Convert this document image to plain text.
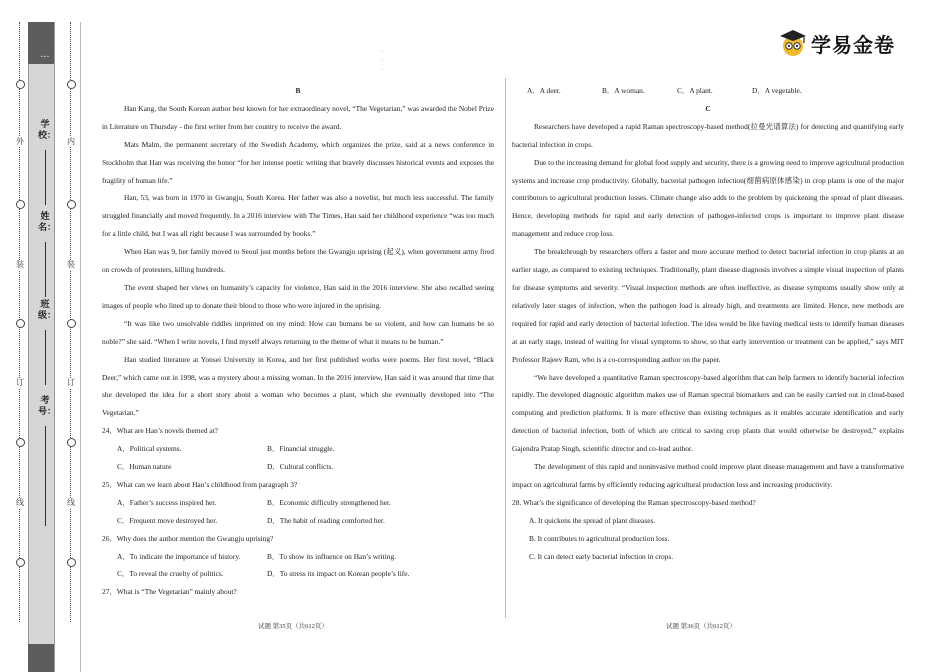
外
装
订
线
…
学校：
姓名：
班级：
考号：
内
装
订
线
·
·
·
学易金卷

B

Han Kang, the South Korean author best known for her extraordinary novel, “The Vegetarian,” was awarded the Nobel Prize in Literature on Thursday - the first writer from her country to receive the award.

Mats Malm, the permanent secretary of the Swedish Academy, which organizes the prize, said at a news conference in Stockholm that Han was receiving the honor “for her intense poetic writing that bravely discusses historical events and exposes the fragility of human life.”

Han, 53, was born in 1970 in Gwangju, South Korea. Her father was also a novelist, but much less successful. The family struggled financially and moved frequently. In a 2016 interview with The Times, Han said her childhood experience “was too much for a little child, but I was all right because I was surrounded by books.”

When Han was 9, her family moved to Seoul just months before the Gwangju uprising (起义), when government army fired on crowds of protesters, killing hundreds.

The event shaped her views on humanity’s capacity for violence, Han said in the 2016 interview. She also recalled seeing images of people who lined up to donate their blood to those who were injured in the uprising.

“It was like two unsolvable riddles imprinted on my mind: How can humans be so violent, and how can humans be so noble?” she said. “When I write novels, I find myself always returning to the theme of what it means to be human.”

Han studied literature at Yonsei University in Korea, and her first published works were poems. Her first novel, “Black Deer,” which came out in 1998, was a mystery about a missing woman. In the 2016 interview, Han said it was around that time that she developed the idea for a short story about a woman who becomes a plant, which she eventually developed into “The Vegetarian.”

24．What are Han’s novels themed at?

A．Political systems.	B．Financial struggle.
C．Human nature	D．Cultural conflicts.

25．What can we learn about Han’s childhood from paragraph 3?

A．Father’s success inspired her.	B．Economic difficulty strengthened her.
C．Frequent move destroyed her.	D．The habit of reading comforted her.

26．Why does the author mention the Gwangju uprising?

A．To indicate the importance of history.	B．To show its influence on Han’s writing.
C．To reveal the cruelty of politics.	D．To stress its impact on Korean people’s life.

27．What is “The Vegetarian” mainly about?

A．A deer.	B．A woman.	C．A plant.	D．A vegetable.

C

Researchers have developed a rapid Raman spectroscopy-based method(拉曼光谱算法) for detecting and quantifying early bacterial infection in crops.

Due to the increasing demand for global food supply and security, there is a growing need to improve agricultural production systems and increase crop productivity. Globally, bacterial pathogen infection(细菌病原体感染) in crop plants is one of the major contributors to agricultural production losses. Climate change also adds to the problem by quickening the spread of plant diseases. Hence, developing methods for rapid and early detection of pathogen-infected crops is important to improve plant disease management and reduce crop loss.

The breakthrough by researchers offers a faster and more accurate method to detect bacterial infection in crop plants at an earlier stage, as compared to existing techniques. Traditionally, plant disease diagnosis involves a simple visual inspection of plants for disease symptoms and severity. “Visual inspection methods are often ineffective, as disease symptoms usually show only at relatively later stages of infection, when the pathogen load is already high, and treatments are limited. Hence, new methods are required for rapid and early detection of bacterial infection. The idea would be like having medical tests to identify human diseases at an early stage, instead of waiting for visual symptoms to show, so that early intervention or treatment can be applied,” says MIT Professor Rajeev Ram, who is a co-corresponding author on the paper.

“We have developed a quantitative Raman spectroscopy-based algorithm that can help farmers to identify bacterial infection rapidly. The developed diagnostic algorithm makes use of Raman spectral biomarkers and can be easily carried out in cloud-based computing and prediction platforms. It is more effective than existing techniques as it enables accurate identification and early detection of bacterial infection, both of which are critical to saving crop plants that would otherwise be destroyed,” explains Gajendra Pratap Singh, scientific director and co-lead author.

The development of this rapid and noninvasive method could improve plant disease management and have a transformative impact on agricultural farms by efficiently reducing agricultural production loss and increasing productivity.

28. What’s the significance of developing the Raman spectroscopy-based method?

A. It quickens the spread of plant diseases.

B. It contributes to agricultural production loss.

C. It can detect early bacterial infection in crops.

试题 第35页（共612页）	试题 第36页（共612页）
